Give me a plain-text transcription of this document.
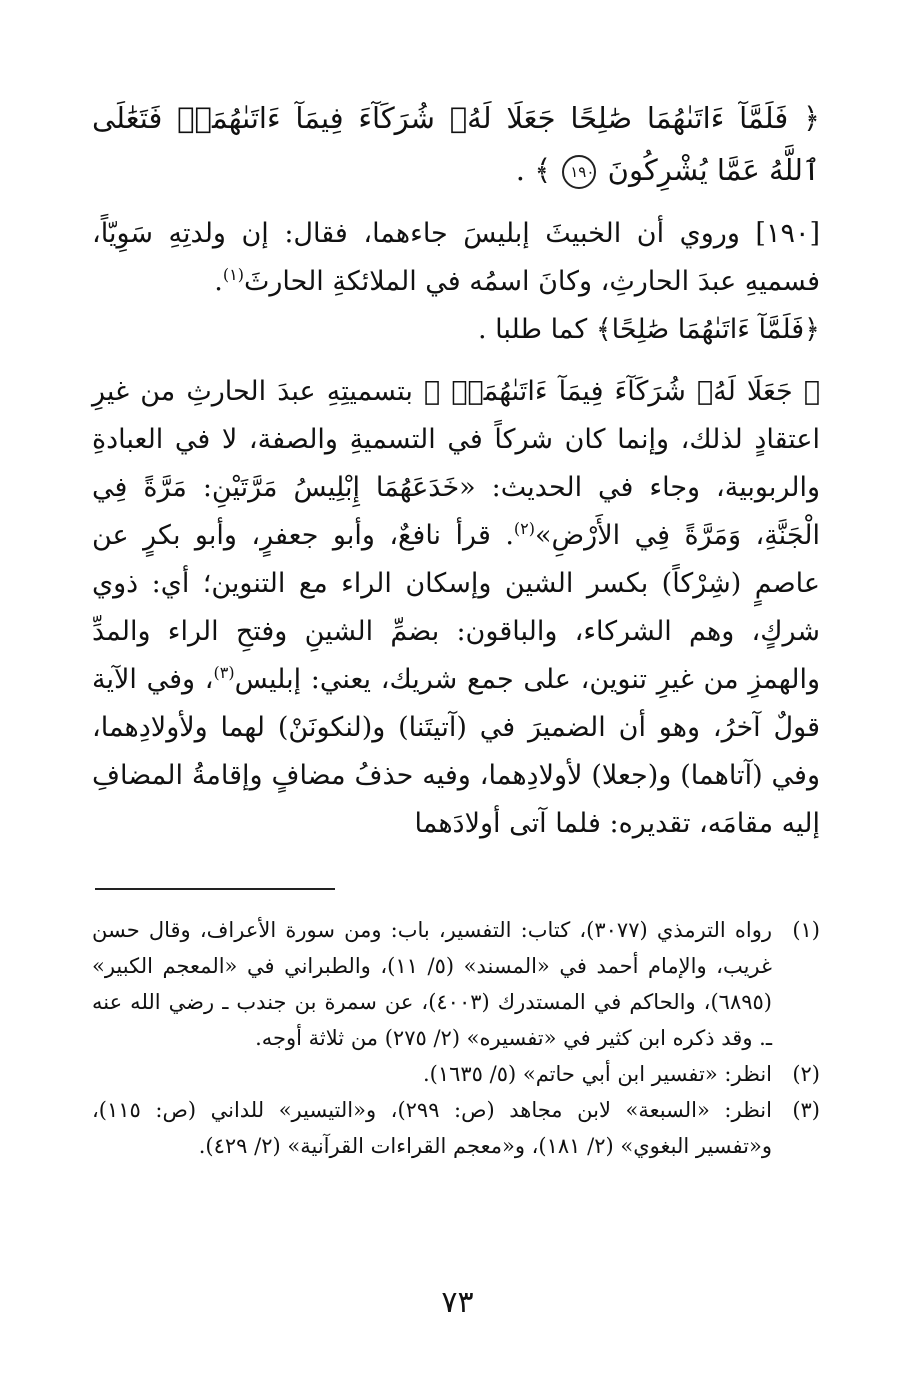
﴿ فَلَمَّآ ءَاتَىٰهُمَا صَٰلِحًا جَعَلَا لَهُۥ شُرَكَآءَ فِيمَآ ءَاتَىٰهُمَاۚ فَتَعَٰلَى ٱللَّهُ عَمَّا يُشْرِكُونَ ١٩٠ ﴾ .

[١٩٠] وروي أن الخبيثَ إبليسَ جاءهما، فقال: إن ولدتِهِ سَوِيّاً، فسميهِ عبدَ الحارثِ، وكانَ اسمُه في الملائكةِ الحارثَ$^{(١)}$.

﴿فَلَمَّآ ءَاتَىٰهُمَا صَٰلِحًا﴾ كما طلبا .

﴿ جَعَلَا لَهُۥ شُرَكَآءَ فِيمَآ ءَاتَىٰهُمَاۚ ﴾ بتسميتِهِ عبدَ الحارثِ من غيرِ اعتقادٍ لذلك، وإنما كان شركاً في التسميةِ والصفة، لا في العبادةِ والربوبية، وجاء في الحديث: «خَدَعَهُمَا إِبْلِيسُ مَرَّتَيْنِ: مَرَّةً فِي الْجَنَّةِ، وَمَرَّةً فِي الأَرْضِ»$^{(٢)}$. قرأ نافعٌ، وأبو جعفرٍ، وأبو بكرٍ عن عاصمٍ (شِرْكاً) بكسر الشين وإسكان الراء مع التنوين؛ أي: ذوي شركٍ، وهم الشركاء، والباقون: بضمِّ الشينِ وفتحِ الراء والمدِّ والهمزِ من غيرِ تنوين، على جمع شريك، يعني: إبليس$^{(٣)}$، وفي الآية قولٌ آخرُ، وهو أن الضميرَ في (آتيتَنا) و(لنكونَنْ) لهما ولأولادِهما، وفي (آتاهما) و(جعلا) لأولادِهما، وفيه حذفُ مضافٍ وإقامةُ المضافِ إليه مقامَه، تقديره: فلما آتى أولادَهما

(١)
رواه الترمذي (٣٠٧٧)، كتاب: التفسير، باب: ومن سورة الأعراف، وقال حسن غريب، والإمام أحمد في «المسند» (٥/ ١١)، والطبراني في «المعجم الكبير» (٦٨٩٥)، والحاكم في المستدرك (٤٠٠٣)، عن سمرة بن جندب ـ رضي الله عنه ـ. وقد ذكره ابن كثير في «تفسيره» (٢/ ٢٧٥) من ثلاثة أوجه.
(٢)
انظر: «تفسير ابن أبي حاتم» (٥/ ١٦٣٥).
(٣)
انظر: «السبعة» لابن مجاهد (ص: ٢٩٩)، و«التيسير» للداني (ص: ١١٥)، و«تفسير البغوي» (٢/ ١٨١)، و«معجم القراءات القرآنية» (٢/ ٤٢٩).
٧٣
